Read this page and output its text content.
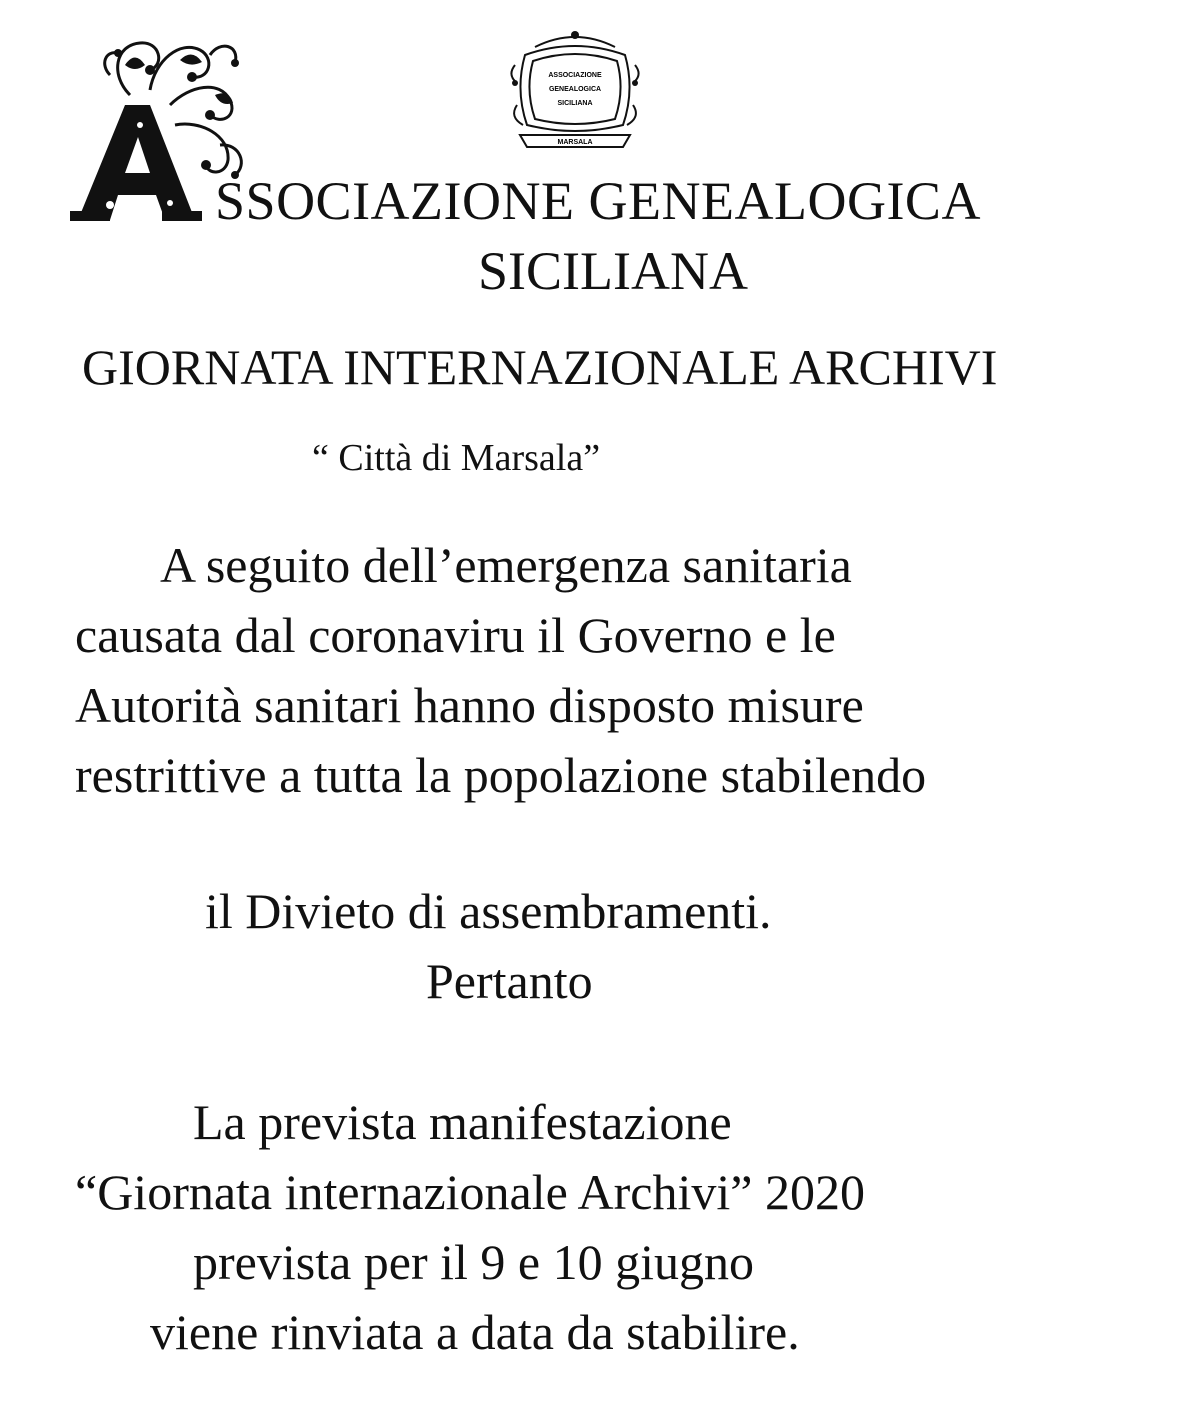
ASSOCIAZIONE
GENEALOGICA
SICILIANA
MARSALA
SSOCIAZIONE GENEALOGICA
SICILIANA
GIORNATA INTERNAZIONALE ARCHIVI
“ Città di Marsala”
A seguito dell’emergenza sanitaria
causata dal coronaviru il Governo e le
Autorità sanitari hanno disposto misure
restrittive a tutta la popolazione stabilendo
il Divieto di assembramenti.
Pertanto
La prevista manifestazione
“Giornata internazionale Archivi” 2020
prevista per il 9 e 10 giugno
viene rinviata a data da stabilire.
